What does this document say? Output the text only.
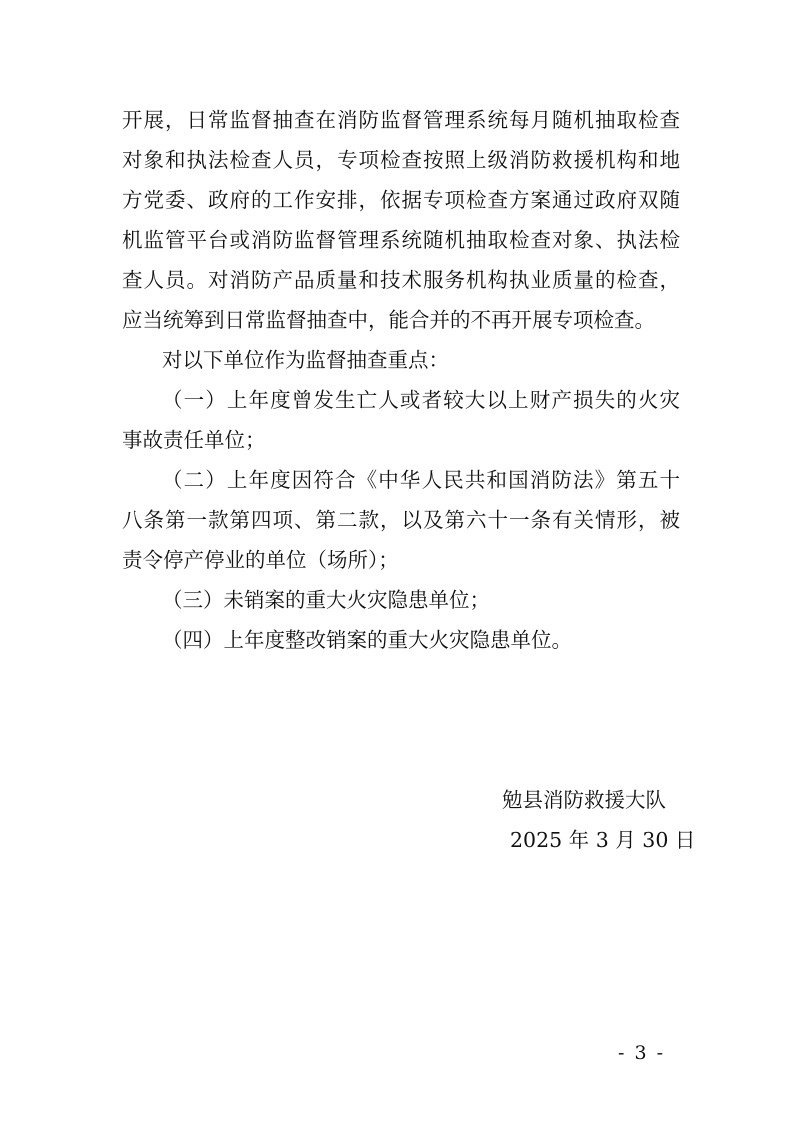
开展，日常监督抽查在消防监督管理系统每月随机抽取检查
对象和执法检查人员，专项检查按照上级消防救援机构和地
方党委、政府的工作安排，依据专项检查方案通过政府双随
机监管平台或消防监督管理系统随机抽取检查对象、执法检
查人员。对消防产品质量和技术服务机构执业质量的检查，
应当统筹到日常监督抽查中，能合并的不再开展专项检查。
对以下单位作为监督抽查重点：
（一）上年度曾发生亡人或者较大以上财产损失的火灾
事故责任单位；
（二）上年度因符合《中华人民共和国消防法》第五十
八条第一款第四项、第二款，以及第六十一条有关情形，被
责令停产停业的单位（场所）；
（三）未销案的重大火灾隐患单位；
（四）上年度整改销案的重大火灾隐患单位。
勉县消防救援大队
2025 年 3 月 30 日
- 3 -
